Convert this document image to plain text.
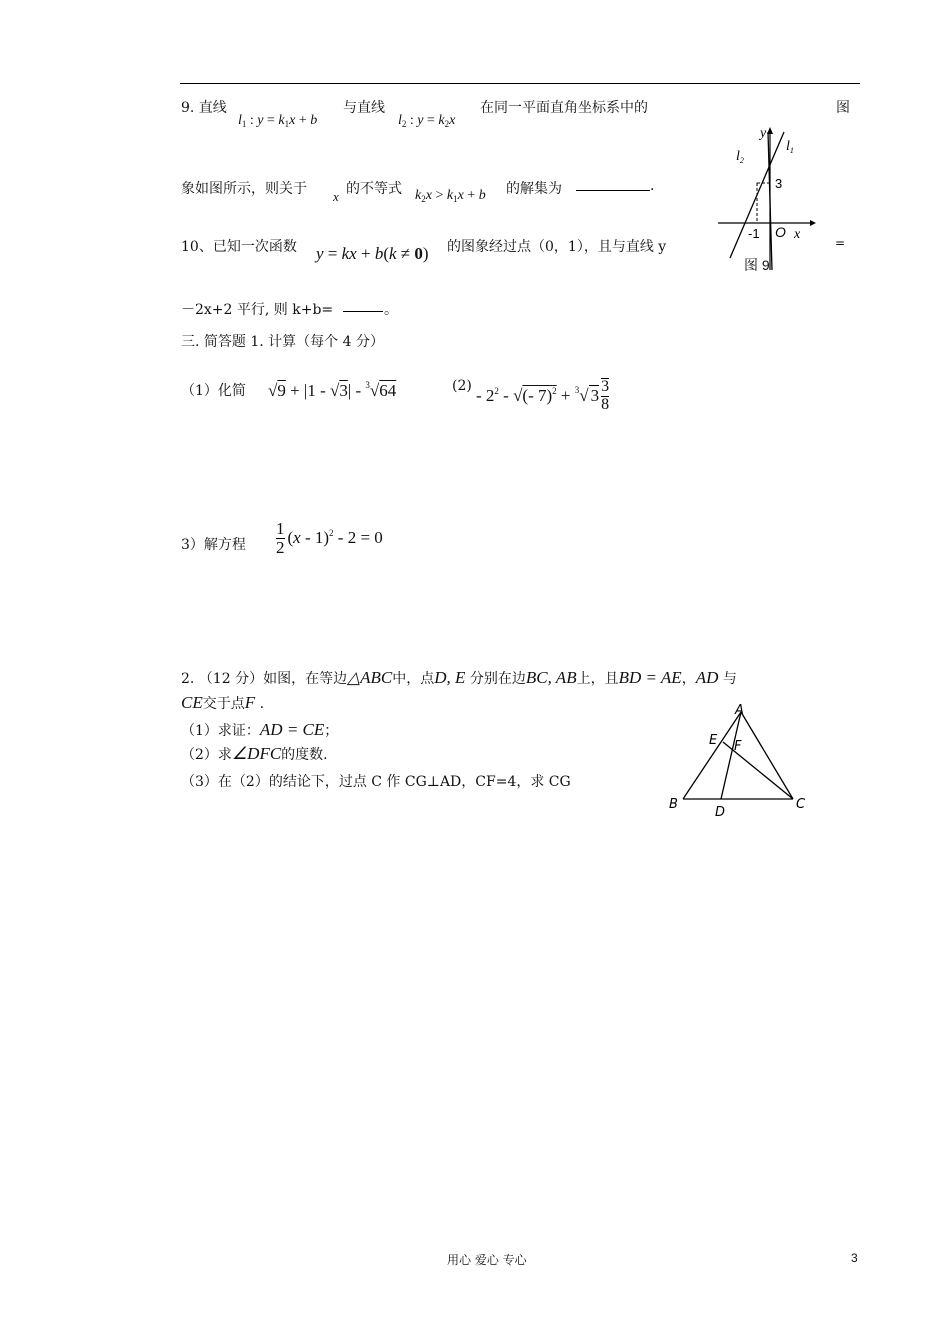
9. 直线
$l_1$ : $y = k_1x + b$
与直线
$l_2$ : $y = k_2x$
在同一平面直角坐标系中的	图
象如图所示，则关于 x 的不等式 $k_2x > k_1x + b$ 的解集为	.
y
$l_2$
$l_1$
3
-1 O x
图 9
10、已知一次函数 y = kx + b(k ≠ 0) 的图象经过点（0，1），且与直线 y	=
－2x+2 平行, 则 k+b=	。
三. 简答题 1. 计算（每个 4 分）
（1）化简 √9 + |1 - √3| - $^3$√64	(2)
- $2^2$ - √(- 7)$^2$ + $^3$√ $3 \frac{3}{8}$
3）解方程 $\frac{1}{2} (x - 1)^2 - 2 = 0$
2. （12 分）如图，在等边△ABC中，点D, E 分别在边BC, AB上，且BD = AE，AD 与
CE交于点F .
（1）求证：AD = CE；
（2）求∠DFC的度数.
（3）在（2）的结论下，过点 C 作 CG⊥AD，CF=4，求 CG
A
E F
B
D
C
用心 爱心 专心	3
